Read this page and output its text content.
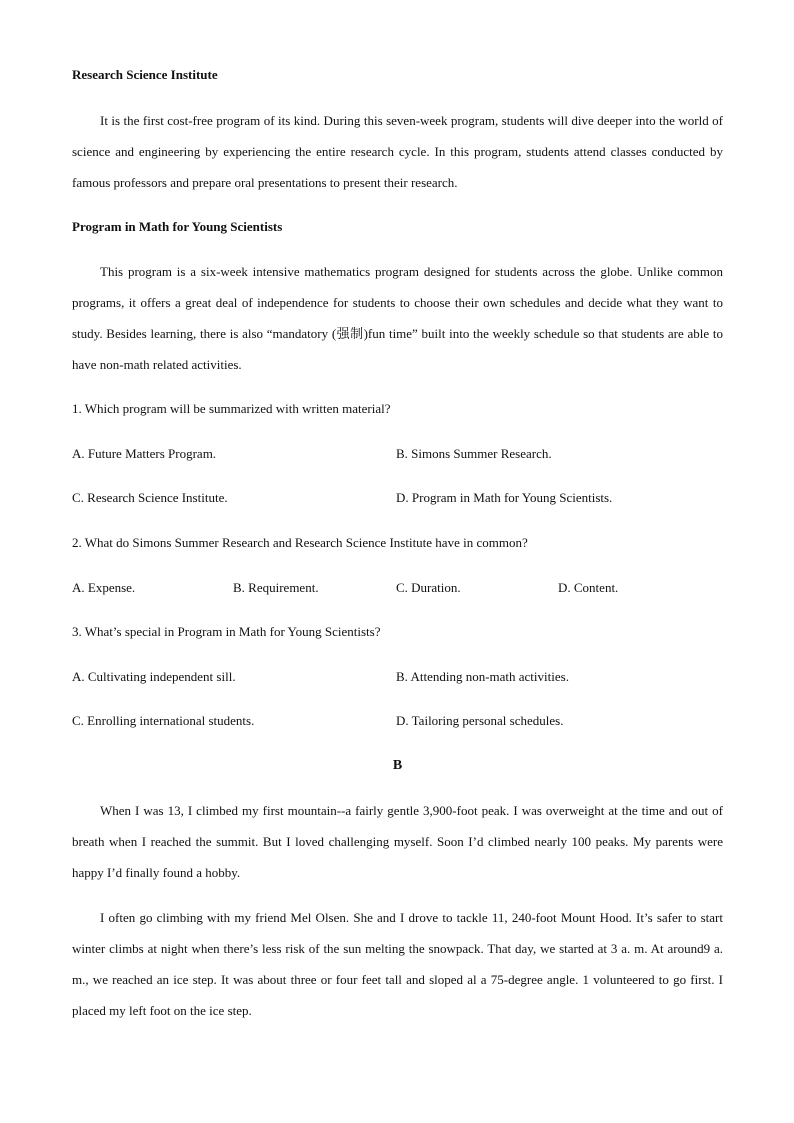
Research Science Institute

It is the first cost-free program of its kind. During this seven-week program, students will dive deeper into the world of science and engineering by experiencing the entire research cycle. In this program, students attend classes conducted by famous professors and prepare oral presentations to present their research.

Program in Math for Young Scientists

This program is a six-week intensive mathematics program designed for students across the globe. Unlike common programs, it offers a great deal of independence for students to choose their own schedules and decide what they want to study. Besides learning, there is also “mandatory (强制)fun time” built into the weekly schedule so that students are able to have non-math related activities.

1. Which program will be summarized with written material?
A. Future Matters Program.	B. Simons Summer Research.
C. Research Science Institute.	D. Program in Math for Young Scientists.
2. What do Simons Summer Research and Research Science Institute have in common?
A. Expense.	B. Requirement.	C. Duration.	D. Content.
3. What’s special in Program in Math for Young Scientists?
A. Cultivating independent sill.	B. Attending non-math activities.
C. Enrolling international students.	D. Tailoring personal schedules.
B

When I was 13, I climbed my first mountain--a fairly gentle 3,900-foot peak. I was overweight at the time and out of breath when I reached the summit. But I loved challenging myself. Soon I’d climbed nearly 100 peaks. My parents were happy I’d finally found a hobby.

I often go climbing with my friend Mel Olsen. She and I drove to tackle 11, 240-foot Mount Hood. It’s safer to start winter climbs at night when there’s less risk of the sun melting the snowpack. That day, we started at 3 a. m. At around9 a. m., we reached an ice step. It was about three or four feet tall and sloped al a 75-degree angle. 1 volunteered to go first. I placed my left foot on the ice step.
